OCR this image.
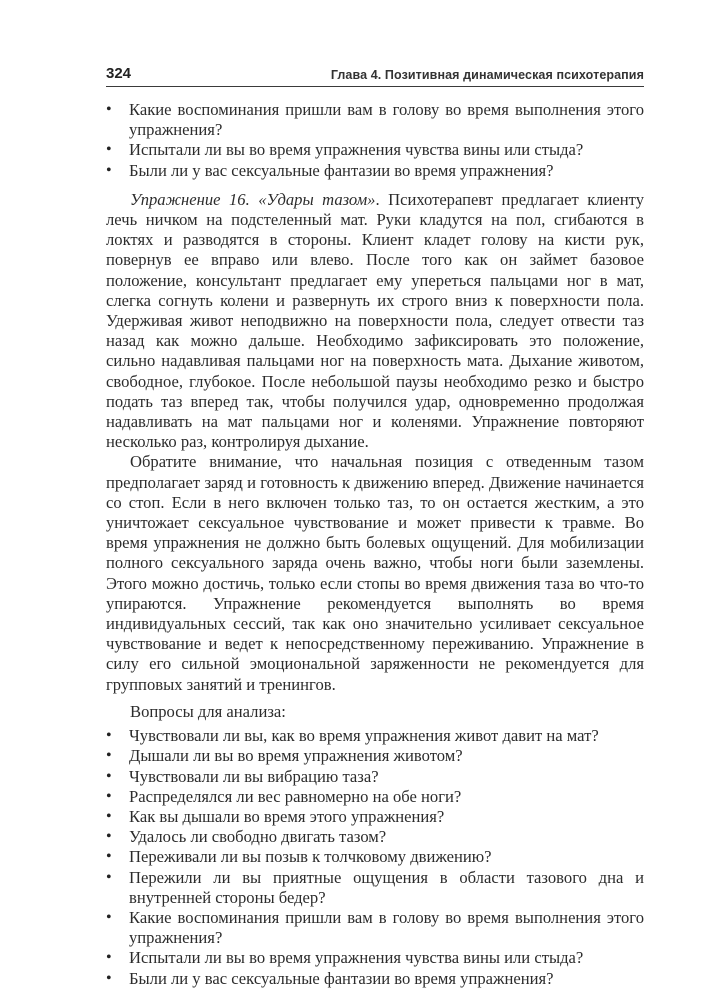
324	Глава 4. Позитивная динамическая психотерапия
• Какие воспоминания пришли вам в голову во время выполнения этого упражнения?
• Испытали ли вы во время упражнения чувства вины или стыда?
• Были ли у вас сексуальные фантазии во время упражнения?

Упражнение 16. «Удары тазом». Психотерапевт предлагает клиенту лечь ничком на подстеленный мат. Руки кладутся на пол, сгибаются в локтях и разводятся в стороны. Клиент кладет голову на кисти рук, повернув ее вправо или влево. После того как он займет базовое положение, консультант предлагает ему упереться пальцами ног в мат, слегка согнуть колени и развернуть их строго вниз к поверхности пола. Удерживая живот неподвижно на поверхности пола, следует отвести таз назад как можно дальше. Необходимо зафиксировать это положение, сильно надавливая пальцами ног на поверхность мата. Дыхание животом, свободное, глубокое. После небольшой паузы необходимо резко и быстро подать таз вперед так, чтобы получился удар, одновременно продолжая надавливать на мат пальцами ног и коленями. Упражнение повторяют несколько раз, контролируя дыхание.

Обратите внимание, что начальная позиция с отведенным тазом предполагает заряд и готовность к движению вперед. Движение начинается со стоп. Если в него включен только таз, то он остается жестким, а это уничтожает сексуальное чувствование и может привести к травме. Во время упражнения не должно быть болевых ощущений. Для мобилизации полного сексуального заряда очень важно, чтобы ноги были заземлены. Этого можно достичь, только если стопы во время движения таза во что-то упираются. Упражнение рекомендуется выполнять во время индивидуальных сессий, так как оно значительно усиливает сексуальное чувствование и ведет к непосредственному переживанию. Упражнение в силу его сильной эмоциональной заряженности не рекомендуется для групповых занятий и тренингов.

Вопросы для анализа:

• Чувствовали ли вы, как во время упражнения живот давит на мат?
• Дышали ли вы во время упражнения животом?
• Чувствовали ли вы вибрацию таза?
• Распределялся ли вес равномерно на обе ноги?
• Как вы дышали во время этого упражнения?
• Удалось ли свободно двигать тазом?
• Переживали ли вы позыв к толчковому движению?
• Пережили ли вы приятные ощущения в области тазового дна и внутренней стороны бедер?
• Какие воспоминания пришли вам в голову во время выполнения этого упражнения?
• Испытали ли вы во время упражнения чувства вины или стыда?
• Были ли у вас сексуальные фантазии во время упражнения?
